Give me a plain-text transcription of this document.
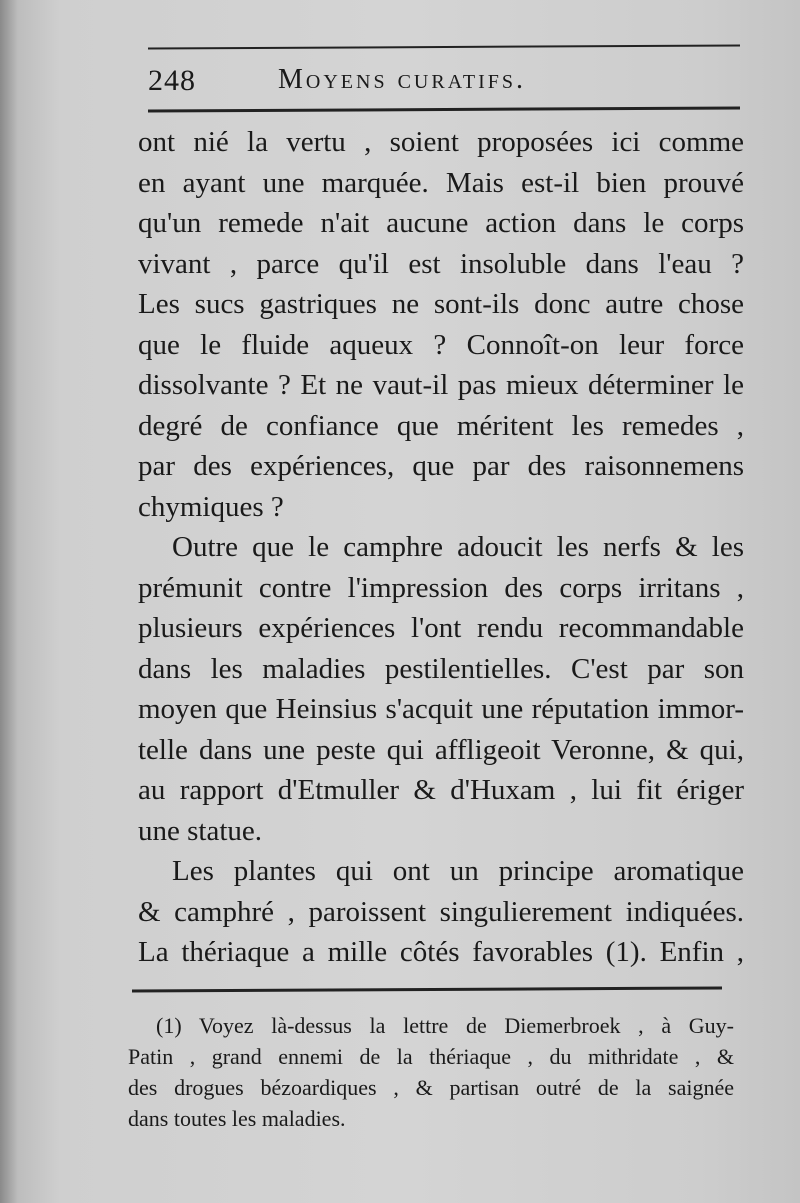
248	Moyens curatifs.
ont nié la vertu , soient proposées ici comme
en ayant une marquée. Mais est-il bien prouvé
qu'un remede n'ait aucune action dans le corps
vivant , parce qu'il est insoluble dans l'eau ?
Les sucs gastriques ne sont-ils donc autre chose
que le fluide aqueux ? Connoît-on leur force
dissolvante ? Et ne vaut-il pas mieux déterminer le
degré de confiance que méritent les remedes ,
par des expériences, que par des raisonnemens
chymiques ?
Outre que le camphre adoucit les nerfs & les
prémunit contre l'impression des corps irritans ,
plusieurs expériences l'ont rendu recommandable
dans les maladies pestilentielles. C'est par son
moyen que Heinsius s'acquit une réputation immor-
telle dans une peste qui affligeoit Veronne, & qui,
au rapport d'Etmuller & d'Huxam , lui fit ériger
une statue.
Les plantes qui ont un principe aromatique
& camphré , paroissent singulierement indiquées.
La thériaque a mille côtés favorables (1). Enfin ,
(1) Voyez là-dessus la lettre de Diemerbroek , à Guy-
Patin , grand ennemi de la thériaque , du mithridate , &
des drogues bézoardiques , & partisan outré de la saignée
dans toutes les maladies.
